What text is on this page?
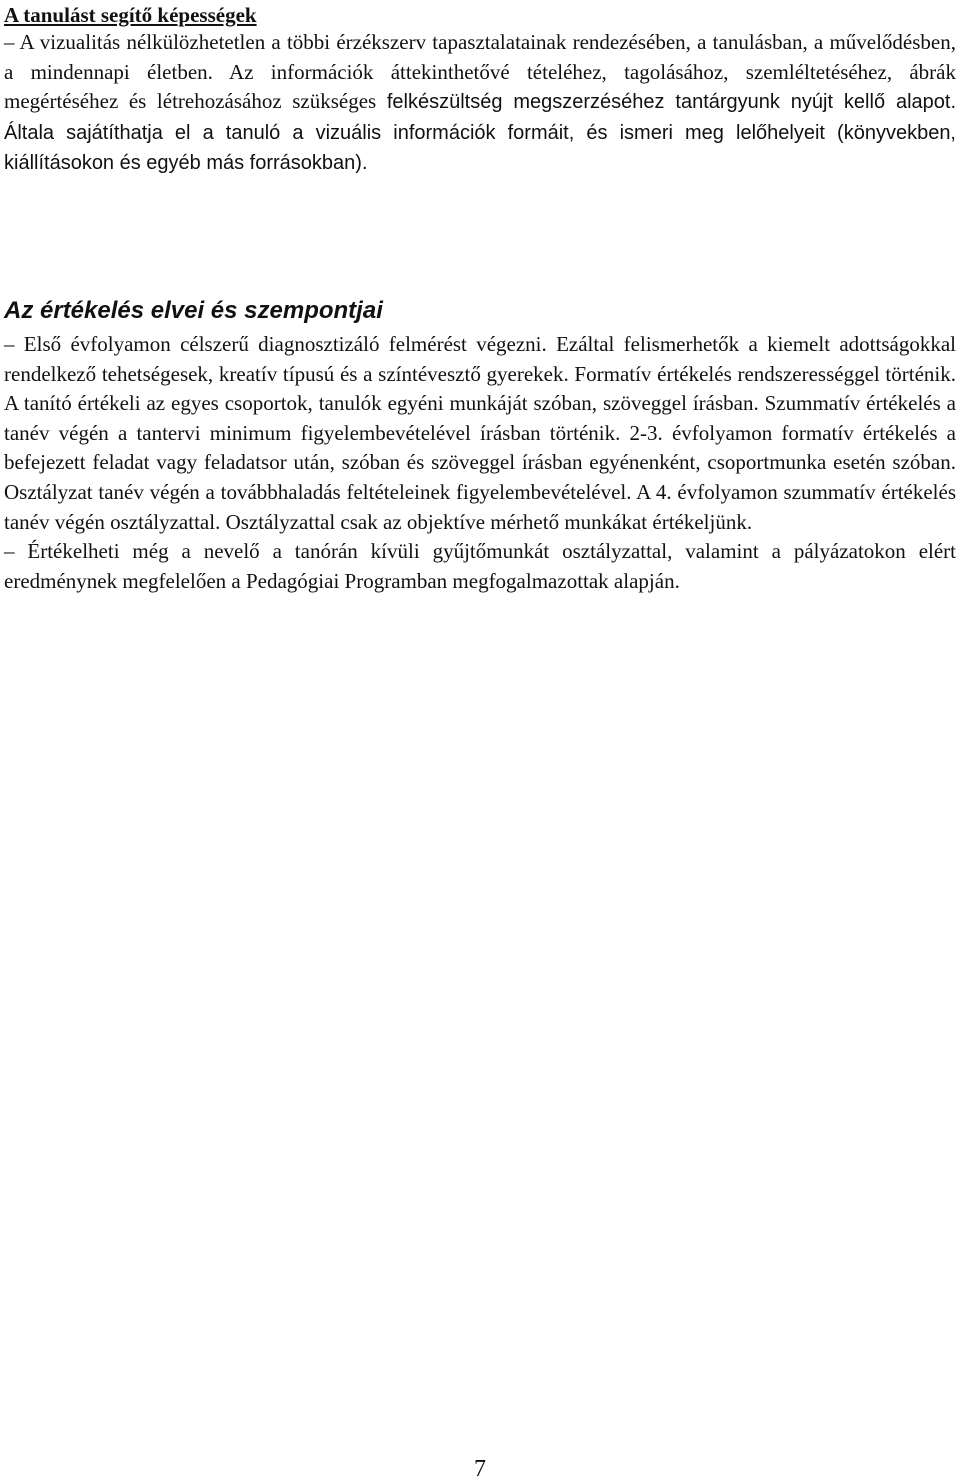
A tanulást segítő képességek

– A vizualitás nélkülözhetetlen a többi érzékszerv tapasztalatainak rendezésében, a tanulásban, a művelődésben, a mindennapi életben. Az információk áttekinthetővé tételéhez, tagolásához, szemléltetéséhez, ábrák megértéséhez és létrehozásához szükséges felkészültség megszerzéséhez tantárgyunk nyújt kellő alapot. Általa sajátíthatja el a tanuló a vizuális információk formáit, és ismeri meg lelőhelyeit (könyvekben, kiállításokon és egyéb más forrásokban).

Az értékelés elvei és szempontjai

– Első évfolyamon célszerű diagnosztizáló felmérést végezni. Ezáltal felismerhetők a kiemelt adottságokkal rendelkező tehetségesek, kreatív típusú és a színtévesztő gyerekek. Formatív értékelés rendszerességgel történik. A tanító értékeli az egyes csoportok, tanulók egyéni munkáját szóban, szöveggel írásban. Szummatív értékelés a tanév végén a tantervi minimum figyelembevételével írásban történik. 2-3. évfolyamon formatív értékelés a befejezett feladat vagy feladatsor után, szóban és szöveggel írásban egyénenként, csoportmunka esetén szóban. Osztályzat tanév végén a továbbhaladás feltételeinek figyelembevételével. A 4. évfolyamon szummatív értékelés tanév végén osztályzattal. Osztályzattal csak az objektíve mérhető munkákat értékeljünk.

– Értékelheti még a nevelő a tanórán kívüli gyűjtőmunkát osztályzattal, valamint a pályázatokon elért eredménynek megfelelően a Pedagógiai Programban megfogalmazottak alapján.

7
